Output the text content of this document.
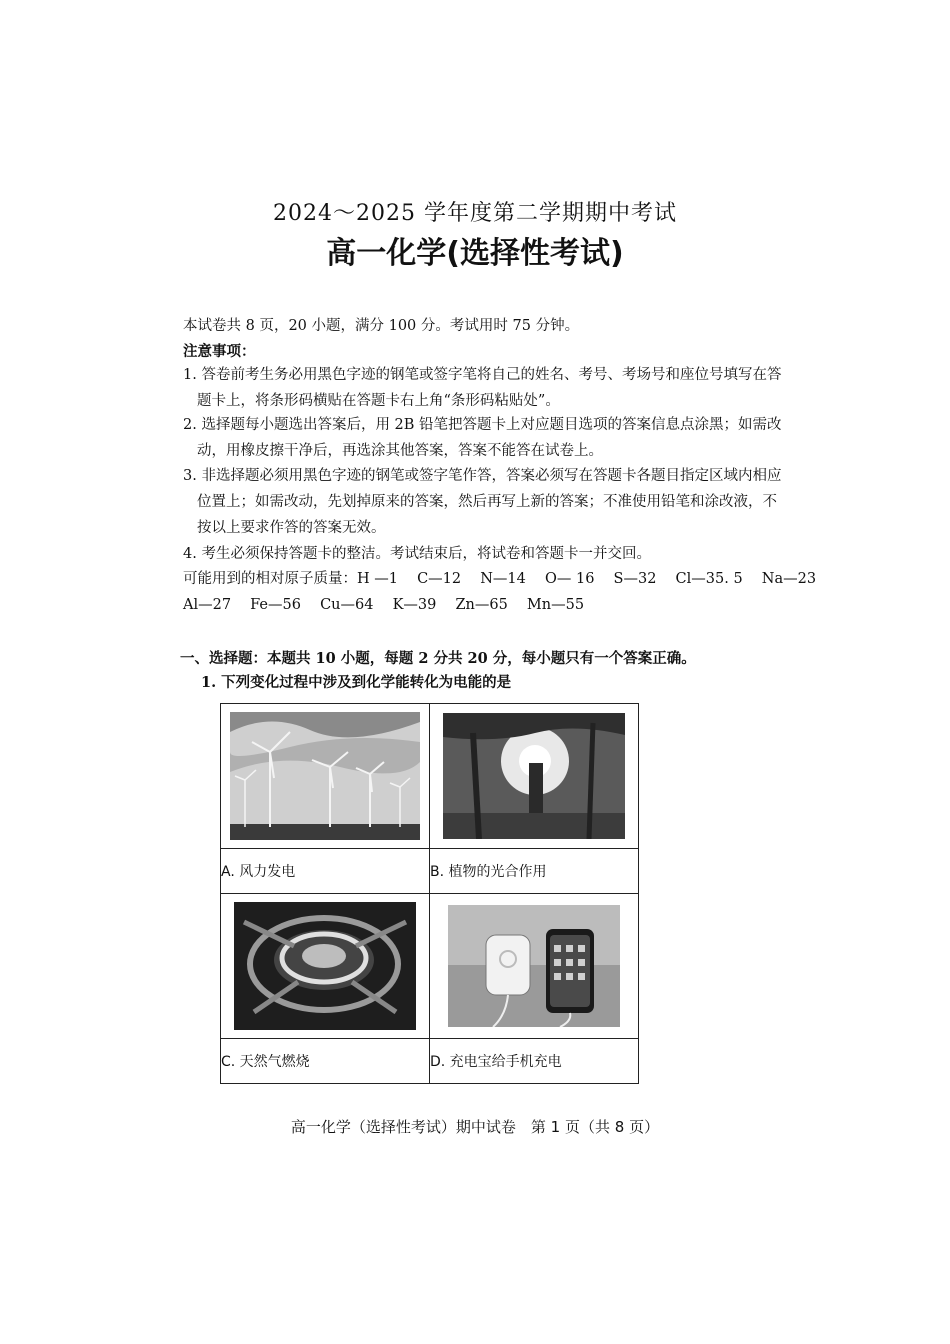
2024～2025 学年度第二学期期中考试
高一化学(选择性考试)
本试卷共 8 页，20 小题，满分 100 分。考试用时 75 分钟。
注意事项：
1. 答卷前考生务必用黑色字迹的钢笔或签字笔将自己的姓名、考号、考场号和座位号填写在答题卡上，将条形码横贴在答题卡右上角“条形码粘贴处”。
2. 选择题每小题选出答案后，用 2B 铅笔把答题卡上对应题目选项的答案信息点涂黑；如需改动，用橡皮擦干净后，再选涂其他答案，答案不能答在试卷上。
3. 非选择题必须用黑色字迹的钢笔或签字笔作答，答案必须写在答题卡各题目指定区域内相应位置上；如需改动，先划掉原来的答案，然后再写上新的答案；不准使用铅笔和涂改液，不按以上要求作答的答案无效。
4. 考生必须保持答题卡的整洁。考试结束后，将试卷和答题卡一并交回。
可能用到的相对原子质量：H —1　 C—12　 N—14　 O— 16　 S—32　 Cl—35. 5　 Na—23
Al—27　 Fe—56　 Cu—64　 K—39　 Zn—65　 Mn—55
一、选择题：本题共 10 小题，每题 2 分共 20 分，每小题只有一个答案正确。
1. 下列变化过程中涉及到化学能转化为电能的是

A. 风力发电	B. 植物的光合作用

C. 天然气燃烧	D. 充电宝给手机充电
高一化学（选择性考试）期中试卷　第 1 页（共 8 页）
